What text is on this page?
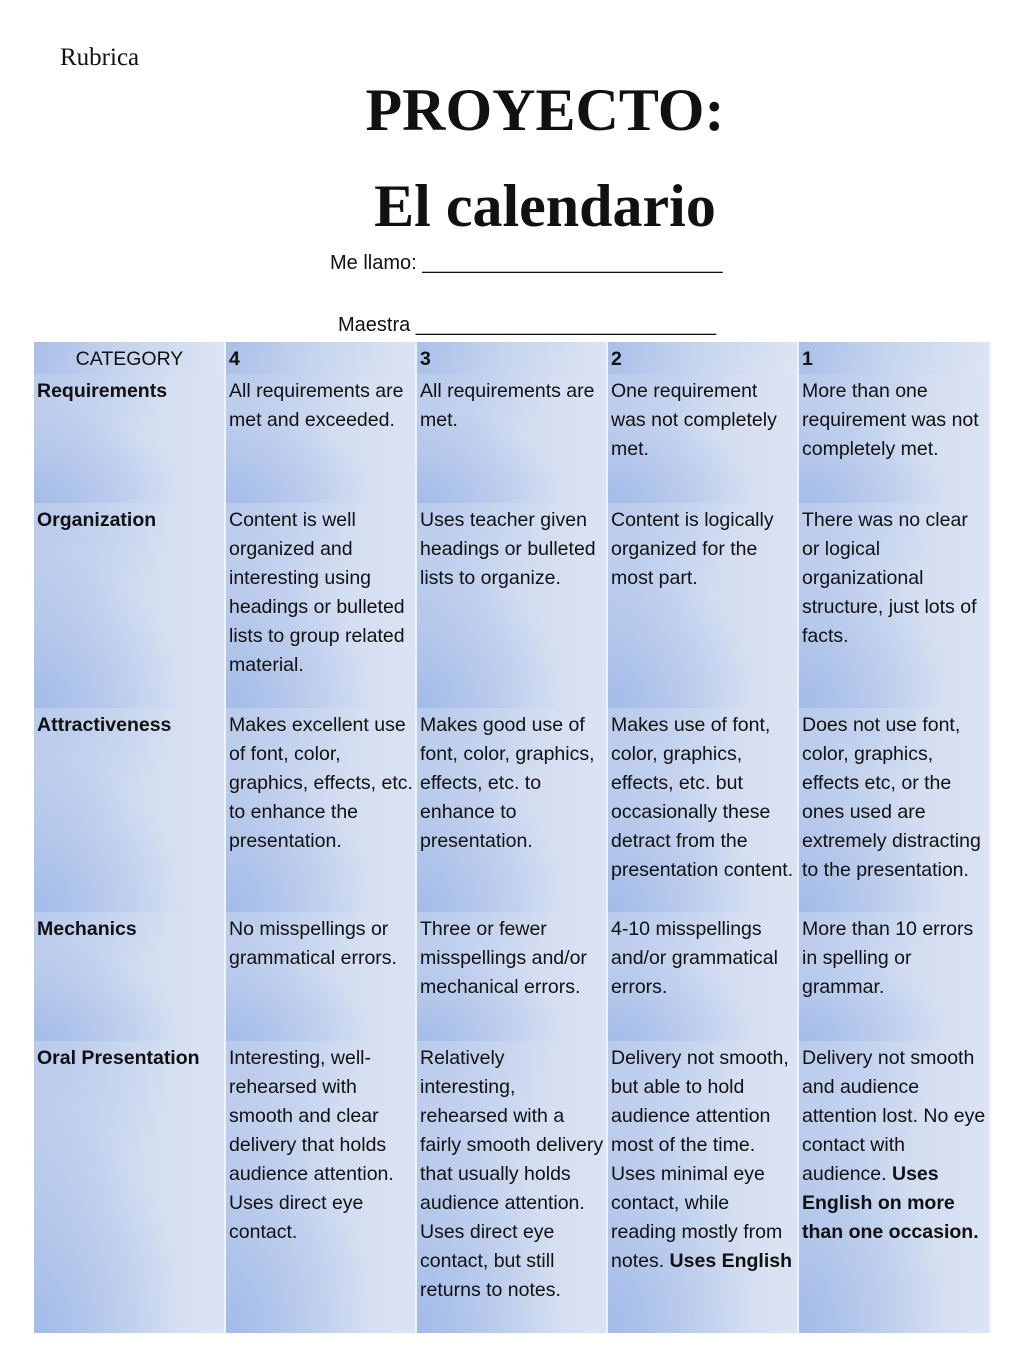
Rubrica
PROYECTO:
El calendario
Me llamo: ___________________________
Maestra ___________________________
CATEGORY	4	3	2	1
Requirements	All requirements are met and exceeded.	All requirements are met.	One requirement was not completely met.	More than one requirement was not completely met.
Organization	Content is well organized and interesting using headings or bulleted lists to group related material.	Uses teacher given headings or bulleted lists to organize.	Content is logically organized for the most part.	There was no clear or logical organizational structure, just lots of facts.
Attractiveness	Makes excellent use of font, color, graphics, effects, etc. to enhance the presentation.	Makes good use of font, color, graphics, effects, etc. to enhance to presentation.	Makes use of font, color, graphics, effects, etc. but occasionally these detract from the presentation content.	Does not use font, color, graphics, effects etc, or the ones used are extremely distracting to the presentation.
Mechanics	No misspellings or grammatical errors.	Three or fewer misspellings and/or mechanical errors.	4-10 misspellings and/or grammatical errors.	More than 10 errors in spelling or grammar.
Oral Presentation	Interesting, well-rehearsed with smooth and clear delivery that holds audience attention. Uses direct eye contact.	Relatively interesting, rehearsed with a fairly smooth delivery that usually holds audience attention. Uses direct eye contact, but still returns to notes.	Delivery not smooth, but able to hold audience attention most of the time. Uses minimal eye contact, while reading mostly from notes. Uses English	Delivery not smooth and audience attention lost. No eye contact with audience. Uses English on more than one occasion.
